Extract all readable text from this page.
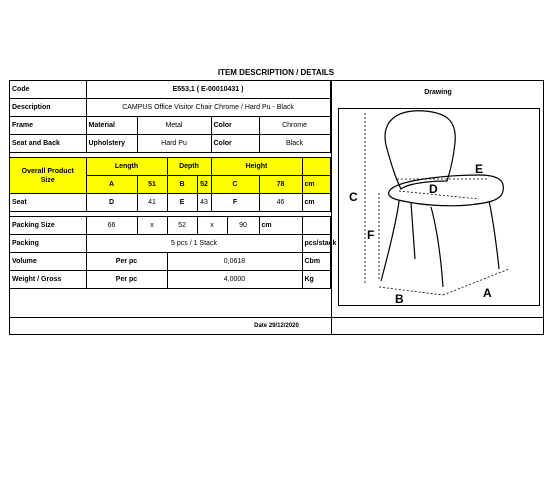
ITEM DESCRIPTION / DETAILS
Code	E553,1 ( E-00010431 )							
Description	CAMPUS Office Visitor Chair Chrome / Hard Pu - Black							
Frame	Material	Metal			Color		Chrome	
Seat and Back	Upholstery	Hard Pu			Color		Black	

Overall Product
Size	Length		Depth		Height			
	A	51	B	52	C		78	cm
Seat	D	41	E	43	F		46	cm

Packing Size	66	x	52	x		90	cm	
Packing	5 pcs / 1 Stack							pcs/stack
Volume	Per pc		0,0618					Cbm
Weight / Gross	Per pc		4,0000					Kg
Drawing
C
F
D
E
B	A
Date 29/12/2020
